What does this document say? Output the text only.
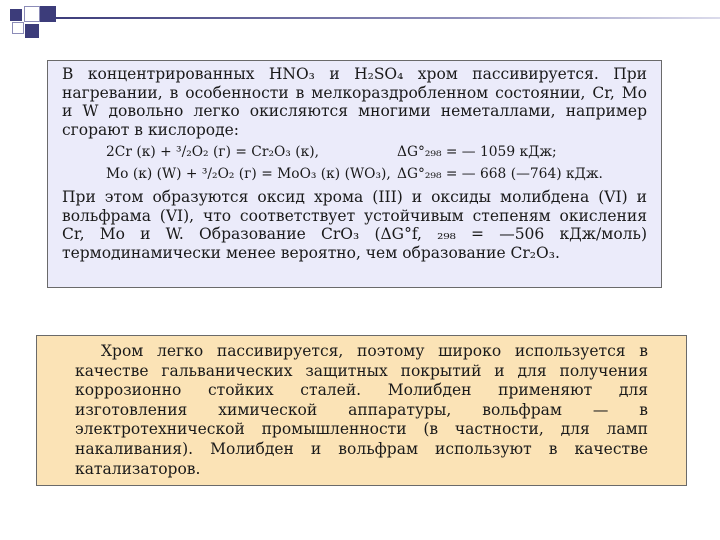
В концентрированных HNO₃ и H₂SO₄ хром пассивируется. При нагревании, в особенности в мелкораздробленном состоянии, Cr, Mo и W довольно легко окисляются многими неметаллами, например сгорают в кислороде:

2Cr (к) + ³/₂O₂ (г) = Cr₂O₃ (к),	ΔG°₂₉₈ = — 1059 кДж;
Mo (к) (W) + ³/₂O₂ (г) = MoO₃ (к) (WO₃), ΔG°₂₉₈ = — 668 (—764) кДж.

При этом образуются оксид хрома (III) и оксиды молибдена (VI) и вольфрама (VI), что соответствует устойчивым степеням окисления Cr, Mo и W. Образование CrO₃ (ΔG°f, ₂₉₈ = —506 кДж/моль) термодинамически менее вероятно, чем образование Cr₂O₃.

Хром легко пассивируется, поэтому широко используется в качестве гальванических защитных покрытий и для получения коррозионно стойких сталей. Молибден применяют для изготовления химической аппаратуры, вольфрам — в электротехнической промышленности (в частности, для ламп накаливания). Молибден и вольфрам используют в качестве катализаторов.
